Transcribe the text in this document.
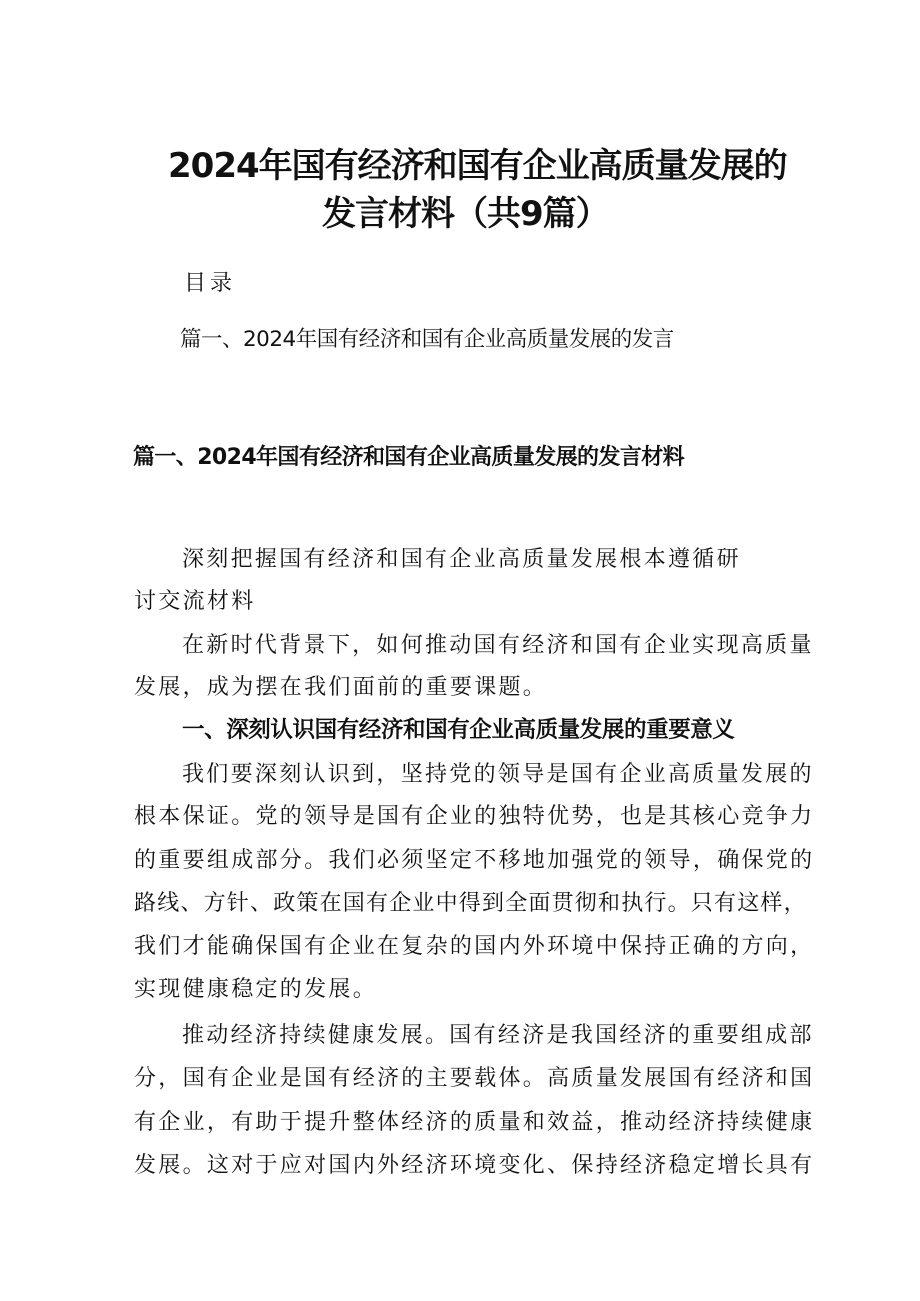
2024年国有经济和国有企业高质量发展的
发言材料（共9篇）
目录
篇一、2024年国有经济和国有企业高质量发展的发言
篇一、2024年国有经济和国有企业高质量发展的发言材料
深刻把握国有经济和国有企业高质量发展根本遵循研
讨交流材料
在新时代背景下，如何推动国有经济和国有企业实现高质量
发展，成为摆在我们面前的重要课题。
一、深刻认识国有经济和国有企业高质量发展的重要意义
我们要深刻认识到，坚持党的领导是国有企业高质量发展的
根本保证。党的领导是国有企业的独特优势，也是其核心竞争力
的重要组成部分。我们必须坚定不移地加强党的领导，确保党的
路线、方针、政策在国有企业中得到全面贯彻和执行。只有这样，
我们才能确保国有企业在复杂的国内外环境中保持正确的方向，
实现健康稳定的发展。
推动经济持续健康发展。国有经济是我国经济的重要组成部
分，国有企业是国有经济的主要载体。高质量发展国有经济和国
有企业，有助于提升整体经济的质量和效益，推动经济持续健康
发展。这对于应对国内外经济环境变化、保持经济稳定增长具有
